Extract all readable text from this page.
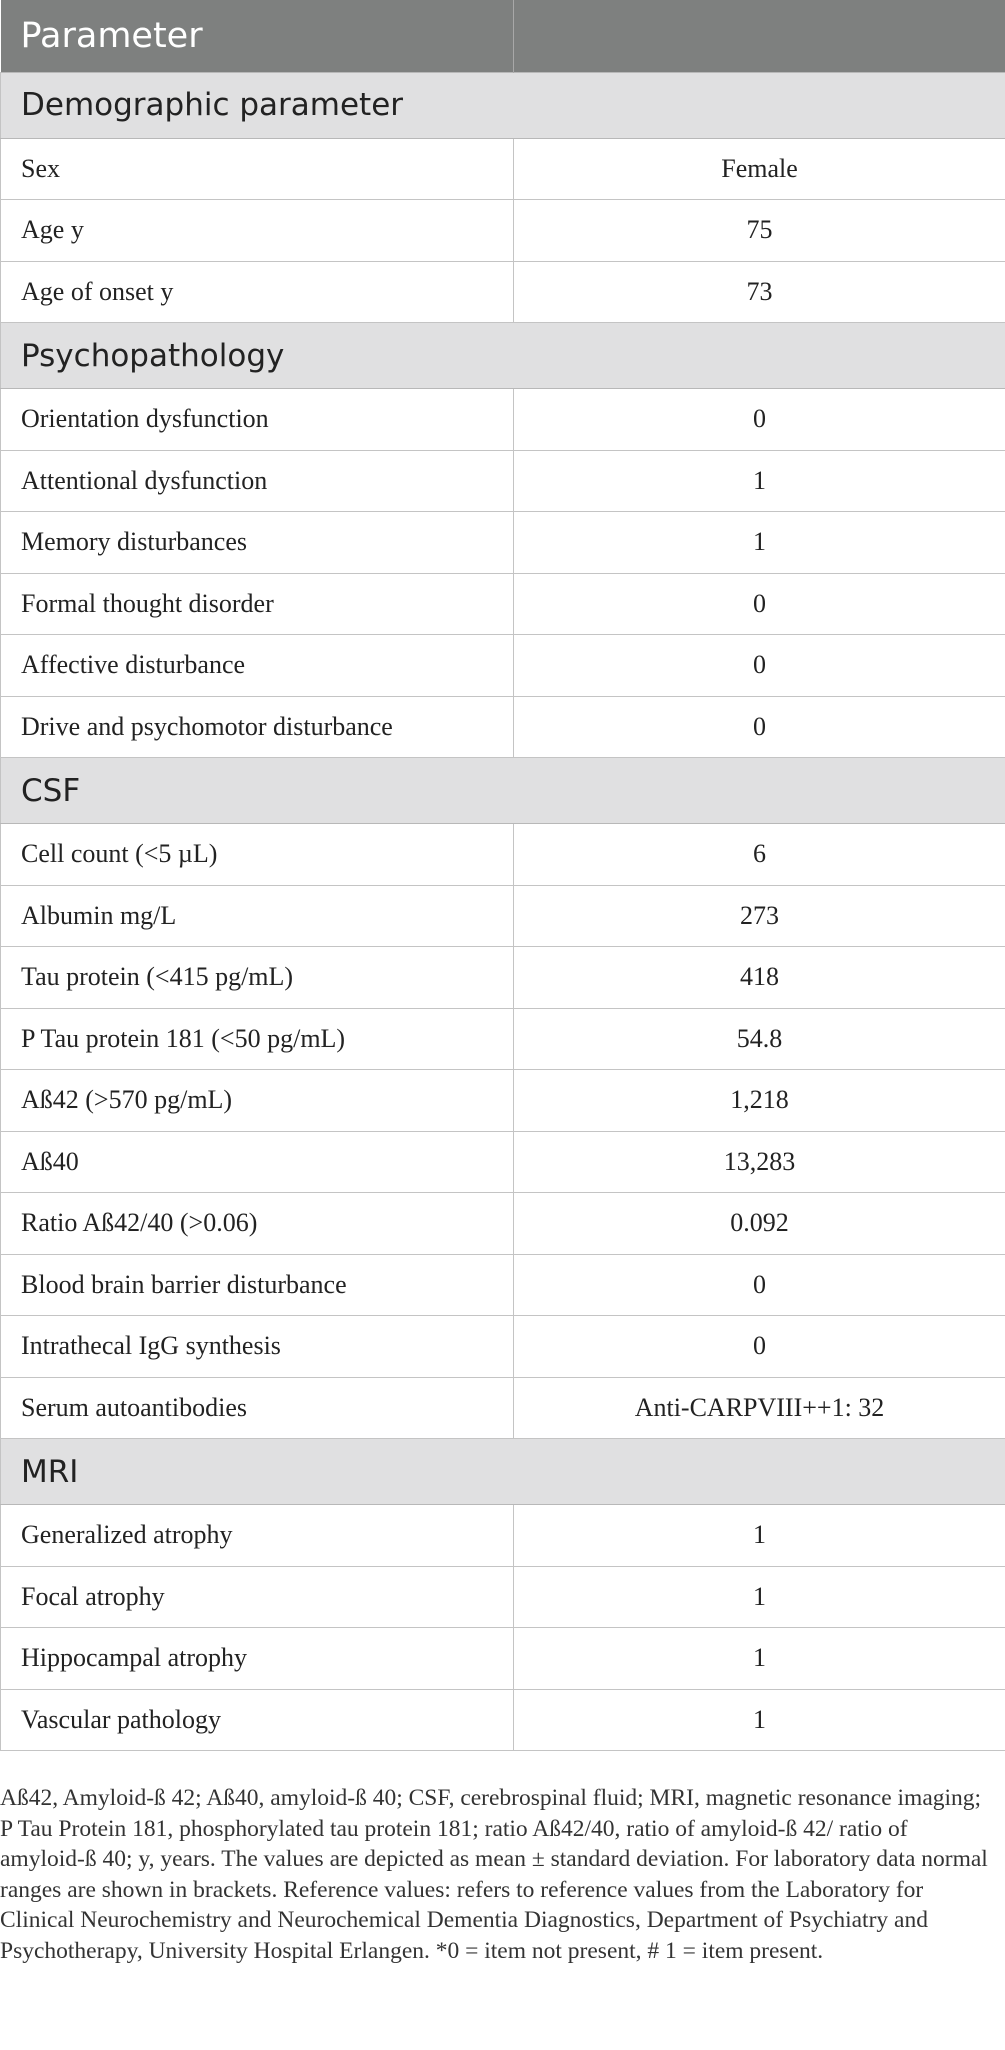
Parameter	
Demographic parameter	
Sex	Female
Age y	75
Age of onset y	73
Psychopathology	
Orientation dysfunction	0
Attentional dysfunction	1
Memory disturbances	1
Formal thought disorder	0
Affective disturbance	0
Drive and psychomotor disturbance	0
CSF	
Cell count (<5 µL)	6
Albumin mg/L	273
Tau protein (<415 pg/mL)	418
P Tau protein 181 (<50 pg/mL)	54.8
Aß42 (>570 pg/mL)	1,218
Aß40	13,283
Ratio Aß42/40 (>0.06)	0.092
Blood brain barrier disturbance	0
Intrathecal IgG synthesis	0
Serum autoantibodies	Anti-CARPVIII++1: 32
MRI	
Generalized atrophy	1
Focal atrophy	1
Hippocampal atrophy	1
Vascular pathology	1

Aß42, Amyloid-ß 42; Aß40, amyloid-ß 40; CSF, cerebrospinal fluid; MRI, magnetic resonance imaging; P Tau Protein 181, phosphorylated tau protein 181; ratio Aß42/40, ratio of amyloid-ß 42/ ratio of amyloid-ß 40; y, years. The values are depicted as mean ± standard deviation. For laboratory data normal ranges are shown in brackets. Reference values: refers to reference values from the Laboratory for Clinical Neurochemistry and Neurochemical Dementia Diagnostics, Department of Psychiatry and Psychotherapy, University Hospital Erlangen. *0 = item not present, # 1 = item present.
